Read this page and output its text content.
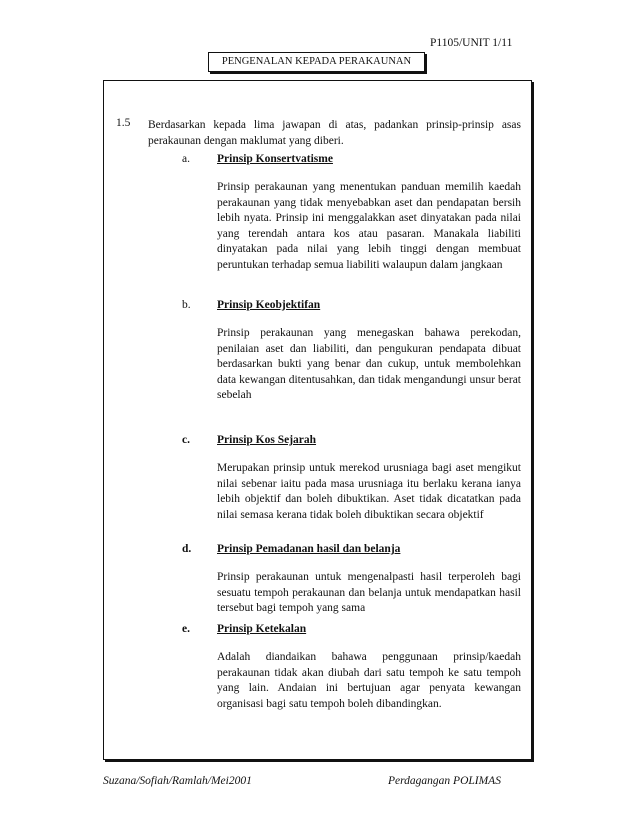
P1105/UNIT 1/11
PENGENALAN KEPADA PERAKAUNAN
1.5 Berdasarkan kepada lima jawapan di atas, padankan prinsip-prinsip asas perakaunan dengan maklumat yang diberi.
a. Prinsip Konsertvatisme
Prinsip perakaunan yang menentukan panduan memilih kaedah perakaunan yang tidak menyebabkan aset dan pendapatan bersih lebih nyata. Prinsip ini menggalakkan aset dinyatakan pada nilai yang terendah antara kos atau pasaran. Manakala liabiliti dinyatakan pada nilai yang lebih tinggi dengan membuat peruntukan terhadap semua liabiliti walaupun dalam jangkaan
b. Prinsip Keobjektifan
Prinsip perakaunan yang menegaskan bahawa perekodan, penilaian aset dan liabiliti, dan pengukuran pendapata dibuat berdasarkan bukti yang benar dan cukup, untuk membolehkan data kewangan ditentusahkan, dan tidak mengandungi unsur berat sebelah
c. Prinsip Kos Sejarah
Merupakan prinsip untuk merekod urusniaga bagi aset mengikut nilai sebenar iaitu pada masa urusniaga itu berlaku kerana ianya lebih objektif dan boleh dibuktikan. Aset tidak dicatatkan pada nilai semasa kerana tidak boleh dibuktikan secara objektif
d. Prinsip Pemadanan hasil dan belanja
Prinsip perakaunan untuk mengenalpasti hasil terperoleh bagi sesuatu tempoh perakaunan dan belanja untuk mendapatkan hasil tersebut bagi tempoh yang sama
e. Prinsip Ketekalan
Adalah diandaikan bahawa penggunaan prinsip/kaedah perakaunan tidak akan diubah dari satu tempoh ke satu tempoh yang lain. Andaian ini bertujuan agar penyata kewangan organisasi bagi satu tempoh boleh dibandingkan.
Suzana/Sofiah/Ramlah/Mei2001	Perdagangan POLIMAS
